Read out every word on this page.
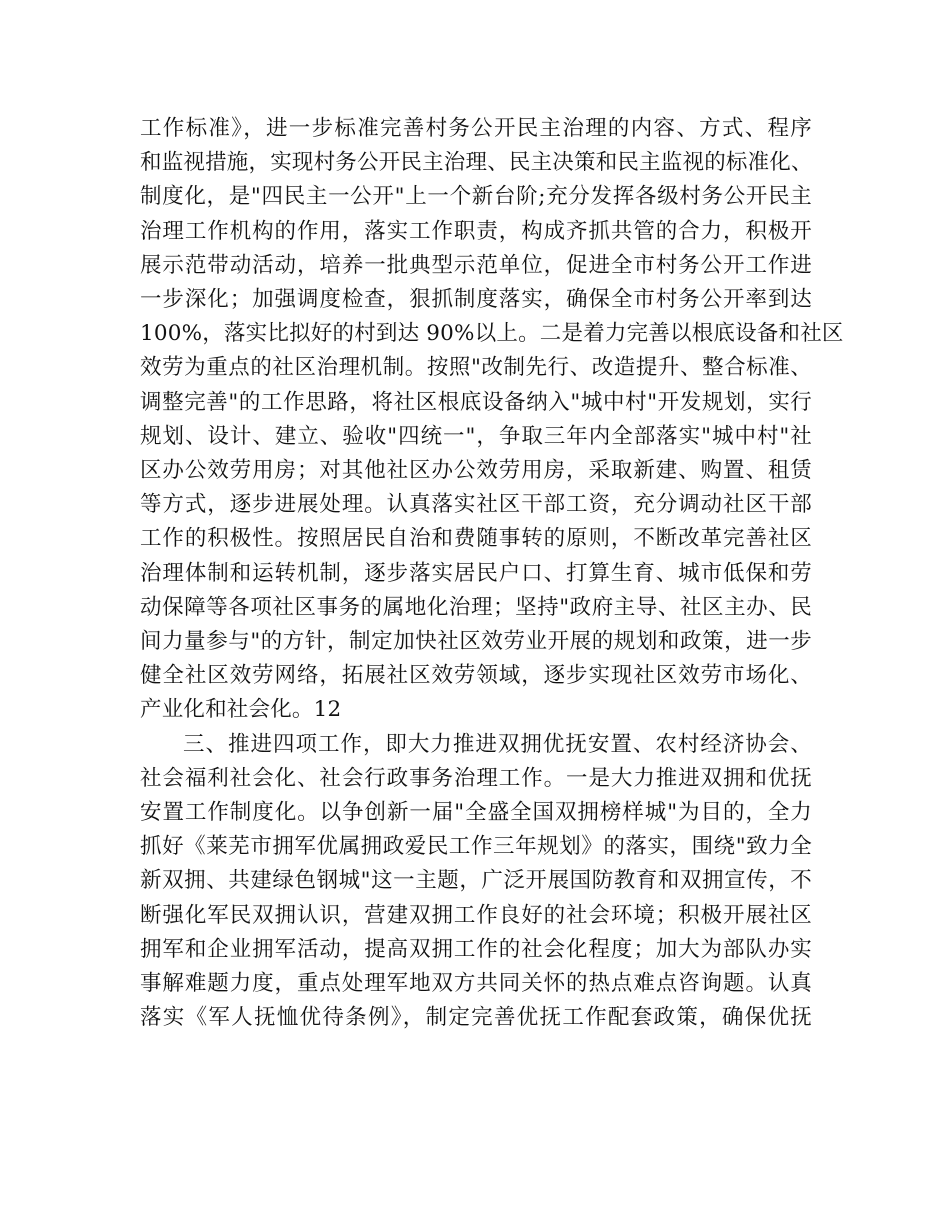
工作标准》，进一步标准完善村务公开民主治理的内容、方式、程序
和监视措施，实现村务公开民主治理、民主决策和民主监视的标准化、
制度化，是"四民主一公开"上一个新台阶;充分发挥各级村务公开民主
治理工作机构的作用，落实工作职责，构成齐抓共管的合力，积极开
展示范带动活动，培养一批典型示范单位，促进全市村务公开工作进
一步深化；加强调度检查，狠抓制度落实，确保全市村务公开率到达
100%，落实比拟好的村到达 90%以上。二是着力完善以根底设备和社区
效劳为重点的社区治理机制。按照"改制先行、改造提升、整合标准、
调整完善"的工作思路，将社区根底设备纳入"城中村"开发规划，实行
规划、设计、建立、验收"四统一"，争取三年内全部落实"城中村"社
区办公效劳用房；对其他社区办公效劳用房，采取新建、购置、租赁
等方式，逐步进展处理。认真落实社区干部工资，充分调动社区干部
工作的积极性。按照居民自治和费随事转的原则，不断改革完善社区
治理体制和运转机制，逐步落实居民户口、打算生育、城市低保和劳
动保障等各项社区事务的属地化治理；坚持"政府主导、社区主办、民
间力量参与"的方针，制定加快社区效劳业开展的规划和政策，进一步
健全社区效劳网络，拓展社区效劳领域，逐步实现社区效劳市场化、
产业化和社会化。12
三、推进四项工作，即大力推进双拥优抚安置、农村经济协会、
社会福利社会化、社会行政事务治理工作。一是大力推进双拥和优抚
安置工作制度化。以争创新一届"全盛全国双拥榜样城"为目的，全力
抓好《莱芜市拥军优属拥政爱民工作三年规划》的落实，围绕"致力全
新双拥、共建绿色钢城"这一主题，广泛开展国防教育和双拥宣传，不
断强化军民双拥认识，营建双拥工作良好的社会环境；积极开展社区
拥军和企业拥军活动，提高双拥工作的社会化程度；加大为部队办实
事解难题力度，重点处理军地双方共同关怀的热点难点咨询题。认真
落实《军人抚恤优待条例》，制定完善优抚工作配套政策，确保优抚
